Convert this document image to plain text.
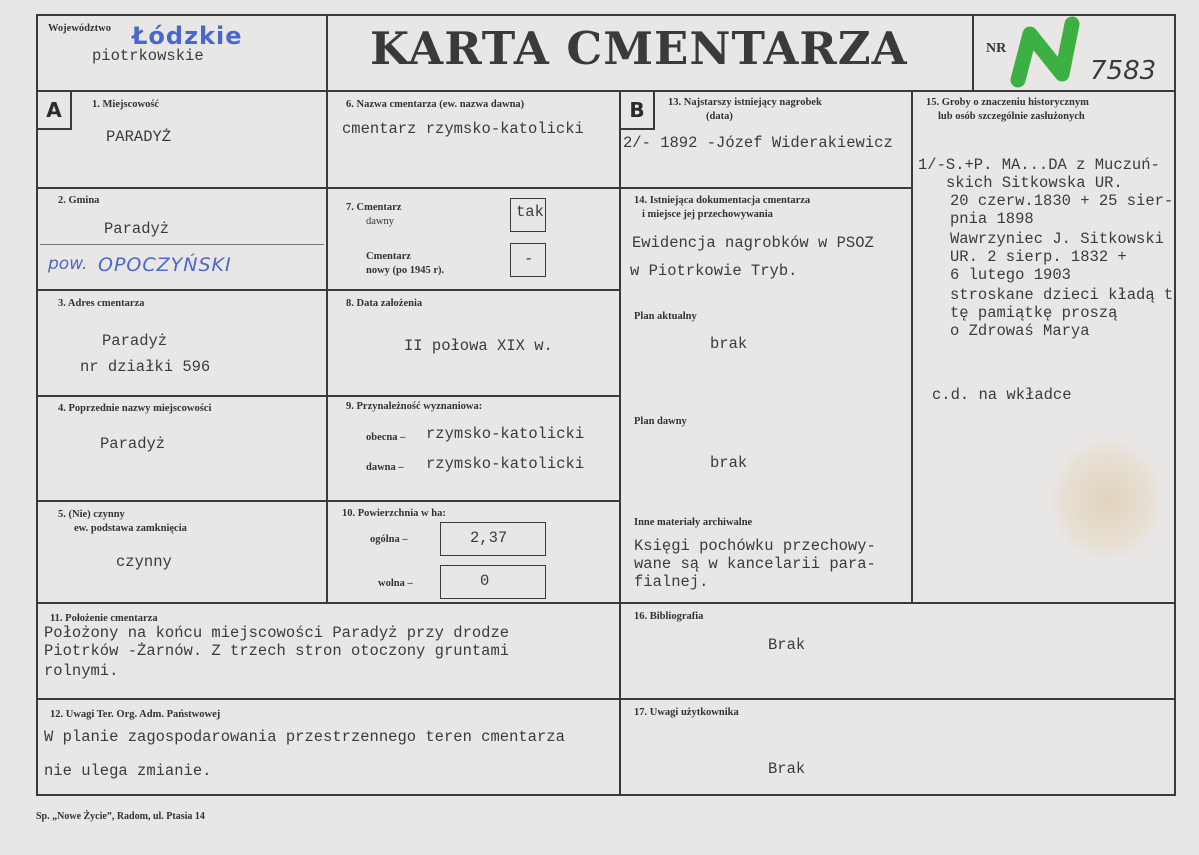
Województwo Łódzkie
piotrkowskie	KARTA CMENTARZA	NR
7583
A	1. Miejscowość
PARADYŻ
2. Gmina
Paradyż
pow. OPOCZYŃSKI
3. Adres cmentarza
Paradyż
nr działki 596
4. Poprzednie nazwy miejscowości
Paradyż
5. (Nie) czynny
ew. podstawa zamknięcia
czynny
6. Nazwa cmentarza (ew. nazwa dawna)
cmentarz rzymsko-katolicki
7. Cmentarz
dawny
tak
Cmentarz
nowy (po 1945 r).
-
8. Data założenia
II połowa XIX w.
9. Przynależność wyznaniowa:
obecna – rzymsko-katolicki
dawna – rzymsko-katolicki
10. Powierzchnia w ha:
ogólna –	2,37
wolna –	0
B	13. Najstarszy istniejący nagrobek
(data)
2/- 1892 -Józef Widerakiewicz
14. Istniejąca dokumentacja cmentarza
i miejsce jej przechowywania
Ewidencja nagrobków w PSOZ
w Piotrkowie Tryb.
Plan aktualny
brak
Plan dawny
brak
Inne materiały archiwalne
Księgi pochówku przechowy-
wane są w kancelarii para-
fialnej.
15. Groby o znaczeniu historycznym
lub osób szczególnie zasłużonych
1/-S.+P. MA...DA z Muczuń-
skich Sitkowska UR.
20 czerw.1830 + 25 sier-
pnia 1898
Wawrzyniec J. Sitkowski
UR. 2 sierp. 1832 +
6 lutego 1903
stroskane dzieci kładą t
tę pamiątkę proszą
o Zdrowaś Marya
c.d. na wkładce
11. Położenie cmentarza
Położony na końcu miejscowości Paradyż przy drodze
Piotrków -Żarnów. Z trzech stron otoczony gruntami
rolnymi.
16. Bibliografia
Brak
12. Uwagi Ter. Org. Adm. Państwowej
W planie zagospodarowania przestrzennego teren cmentarza
nie ulega zmianie.
17. Uwagi użytkownika
Brak
Sp. „Nowe Życie”, Radom, ul. Ptasia 14
